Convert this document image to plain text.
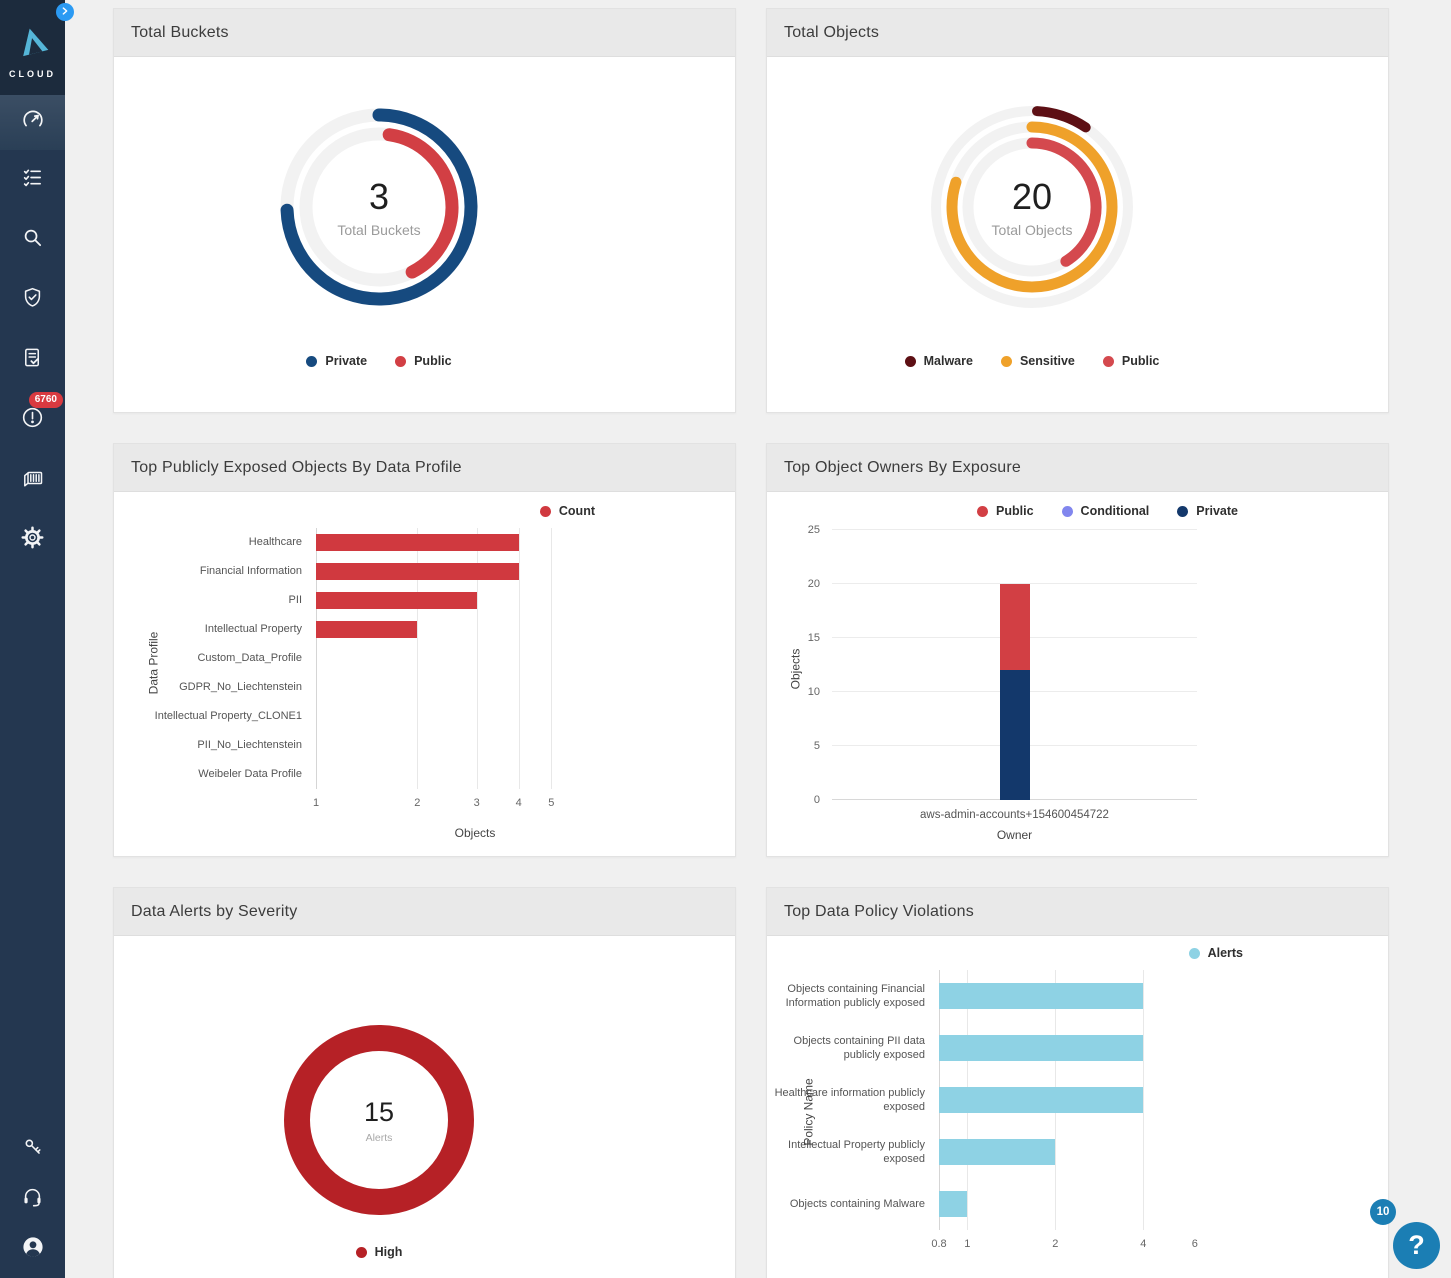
CLOUD
6760
Total Buckets
3
Total Buckets
Private	Public
Total Objects
20
Total Objects
Malware	Sensitive	Public
Top Publicly Exposed Objects By Data Profile
Count
Healthcare
Financial Information
PII
Intellectual Property
Custom_Data_Profile
GDPR_No_Liechtenstein
Intellectual Property_CLONE1
PII_No_Liechtenstein
Weibeler Data Profile
1	2	3	4 5
Objects
Data Profile
Top Object Owners By Exposure
Public	Conditional	Private
0
5
10
15
20
25
aws-admin-accounts+154600454722
Owner
Objects
Data Alerts by Severity
15
Alerts
High
Top Data Policy Violations
Alerts
Objects containing Financial Information publicly exposed
Objects containing PII data publicly exposed
Healthcare information publicly exposed
Intellectual Property publicly exposed
Objects containing Malware
0.8 1	2	4	6
Policy Name
?
10
